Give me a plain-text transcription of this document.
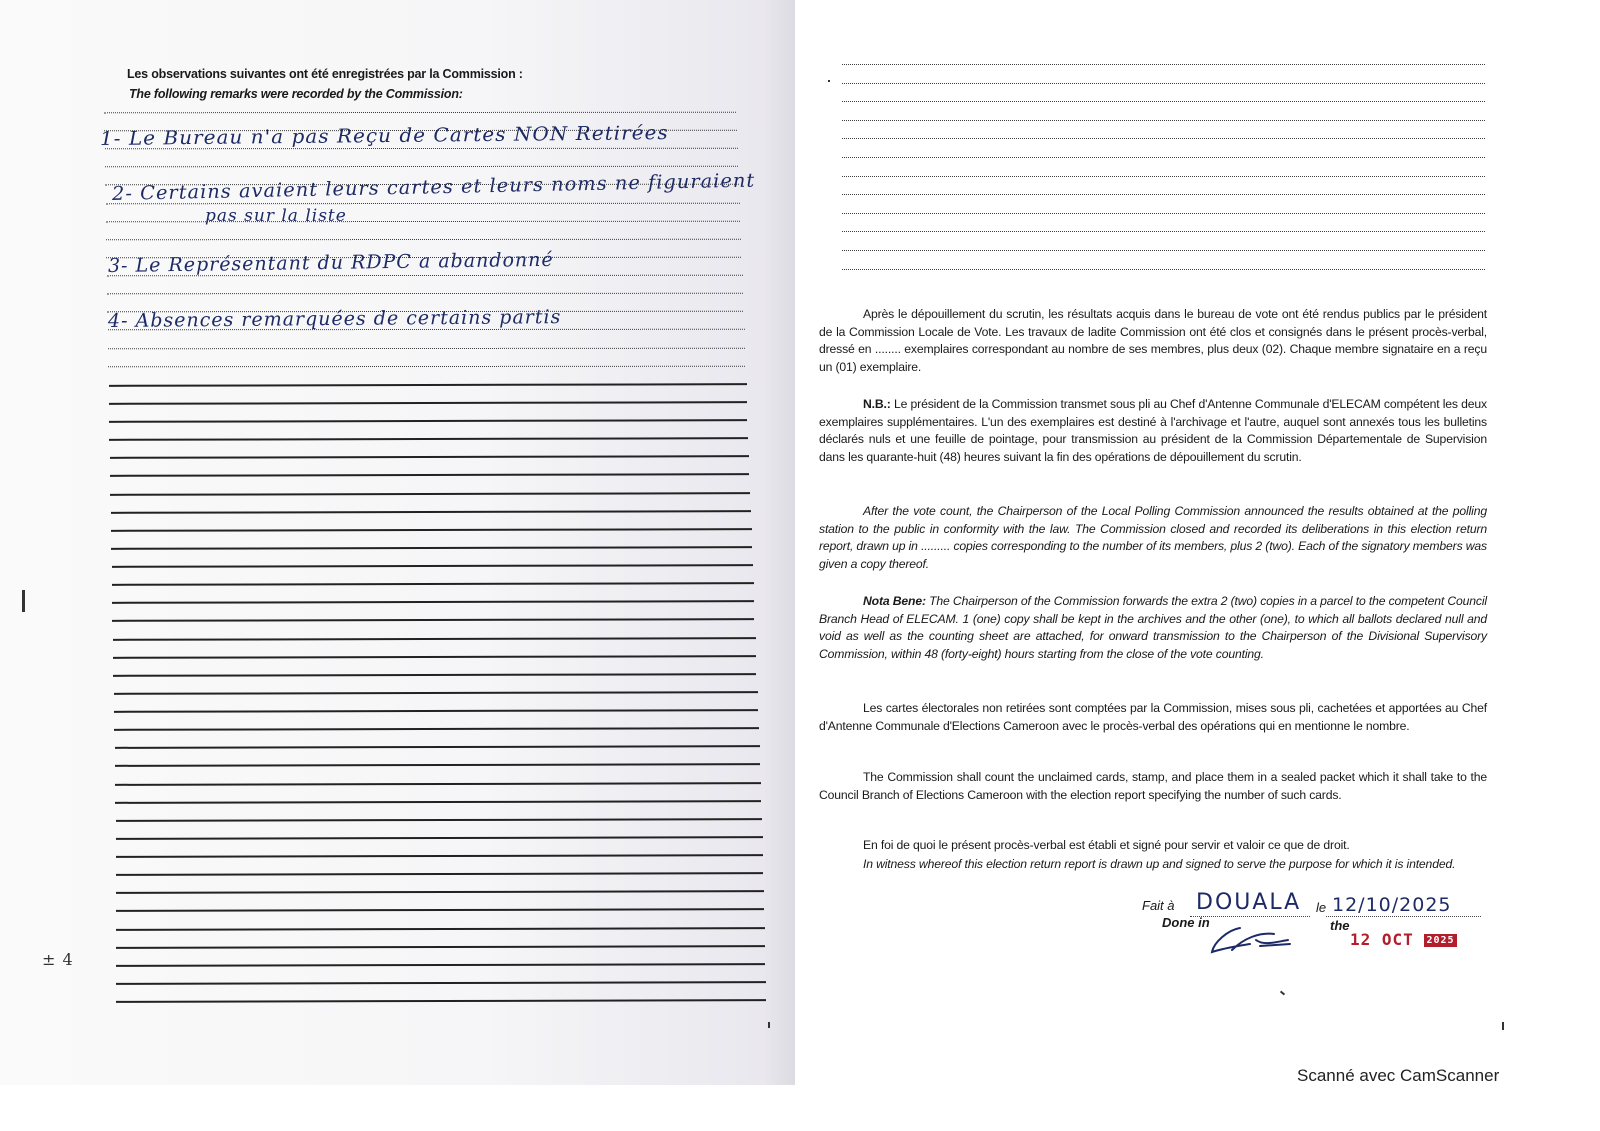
Les observations suivantes ont été enregistrées par la Commission :
The following remarks were recorded by the Commission:
1- Le Bureau n'a pas Reçu de Cartes NON Retirées
2- Certains avaient leurs cartes et leurs noms ne figuraient
pas sur la liste
3- Le Représentant du RDPC a abandonné
4- Absences remarquées de certains partis
± 4
Après le dépouillement du scrutin, les résultats acquis dans le bureau de vote ont été rendus publics par le président de la Commission Locale de Vote. Les travaux de ladite Commission ont été clos et consignés dans le présent procès-verbal, dressé en ........ exemplaires correspondant au nombre de ses membres, plus deux (02). Chaque membre signataire en a reçu un (01) exemplaire.
N.B.: Le président de la Commission transmet sous pli au Chef d'Antenne Communale d'ELECAM compétent les deux exemplaires supplémentaires. L'un des exemplaires est destiné à l'archivage et l'autre, auquel sont annexés tous les bulletins déclarés nuls et une feuille de pointage, pour transmission au président de la Commission Départementale de Supervision dans les quarante-huit (48) heures suivant la fin des opérations de dépouillement du scrutin.
After the vote count, the Chairperson of the Local Polling Commission announced the results obtained at the polling station to the public in conformity with the law. The Commission closed and recorded its deliberations in this election return report, drawn up in ......... copies corresponding to the number of its members, plus 2 (two). Each of the signatory members was given a copy thereof.
Nota Bene: The Chairperson of the Commission forwards the extra 2 (two) copies in a parcel to the competent Council Branch Head of ELECAM. 1 (one) copy shall be kept in the archives and the other (one), to which all ballots declared null and void as well as the counting sheet are attached, for onward transmission to the Chairperson of the Divisional Supervisory Commission, within 48 (forty-eight) hours starting from the close of the vote counting.
Les cartes électorales non retirées sont comptées par la Commission, mises sous pli, cachetées et apportées au Chef d'Antenne Communale d'Elections Cameroon avec le procès-verbal des opérations qui en mentionne le nombre.
The Commission shall count the unclaimed cards, stamp, and place them in a sealed packet which it shall take to the Council Branch of Elections Cameroon with the election report specifying the number of such cards.
En foi de quoi le présent procès-verbal est établi et signé pour servir et valoir ce que de droit.
In witness whereof this election return report is drawn up and signed to serve the purpose for which it is intended.
Fait à
Done in
DOUALA le 12/10/2025
the
12 OCT 2025
Scanné avec CamScanner
